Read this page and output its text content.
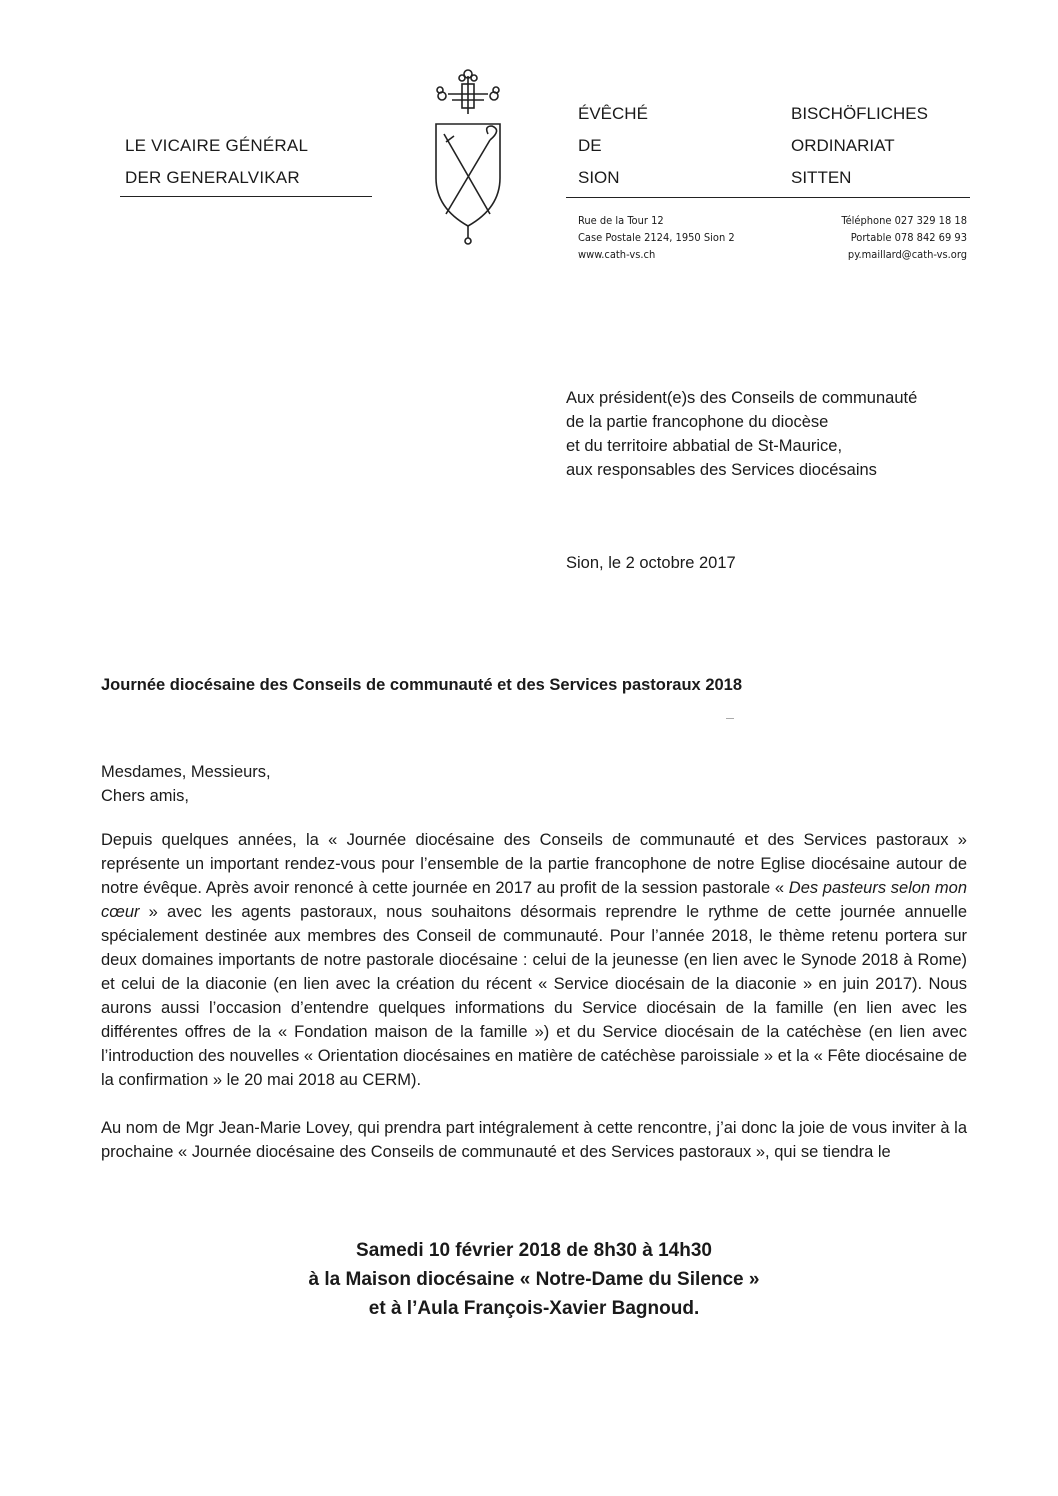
LE VICAIRE GÉNÉRAL
DER GENERALVIKAR
ÉVÊCHÉ
DE
SION
BISCHÖFLICHES
ORDINARIAT
SITTEN
Rue de la Tour 12
Case Postale 2124, 1950 Sion 2
www.cath-vs.ch
Téléphone 027 329 18 18
Portable 078 842 69 93
py.maillard@cath-vs.org
Aux président(e)s des Conseils de communauté
de la partie francophone du diocèse
et du territoire abbatial de St-Maurice,
aux responsables des Services diocésains
Sion, le 2 octobre 2017
Journée diocésaine des Conseils de communauté et des Services pastoraux 2018
Mesdames, Messieurs,
Chers amis,
Depuis quelques années, la « Journée diocésaine des Conseils de communauté et des Services pastoraux » représente un important rendez-vous pour l’ensemble de la partie francophone de notre Eglise diocésaine autour de notre évêque. Après avoir renoncé à cette journée en 2017 au profit de la session pastorale « Des pasteurs selon mon cœur » avec les agents pastoraux, nous souhaitons désormais reprendre le rythme de cette journée annuelle spécialement destinée aux membres des Conseil de communauté. Pour l’année 2018, le thème retenu portera sur deux domaines importants de notre pastorale diocésaine : celui de la jeunesse (en lien avec le Synode 2018 à Rome) et celui de la diaconie (en lien avec la création du récent « Service diocésain de la diaconie » en juin 2017). Nous aurons aussi l’occasion d’entendre quelques informations du Service diocésain de la famille (en lien avec les différentes offres de la « Fondation maison de la famille ») et du Service diocésain de la catéchèse (en lien avec l’introduction des nouvelles « Orientation diocésaines en matière de catéchèse paroissiale » et la « Fête diocésaine de la confirmation » le 20 mai 2018 au CERM).
Au nom de Mgr Jean-Marie Lovey, qui prendra part intégralement à cette rencontre, j’ai donc la joie de vous inviter à la prochaine « Journée diocésaine des Conseils de communauté et des Services pastoraux », qui se tiendra le
Samedi 10 février 2018 de 8h30 à 14h30
à la Maison diocésaine « Notre-Dame du Silence »
et à l’Aula François-Xavier Bagnoud.
